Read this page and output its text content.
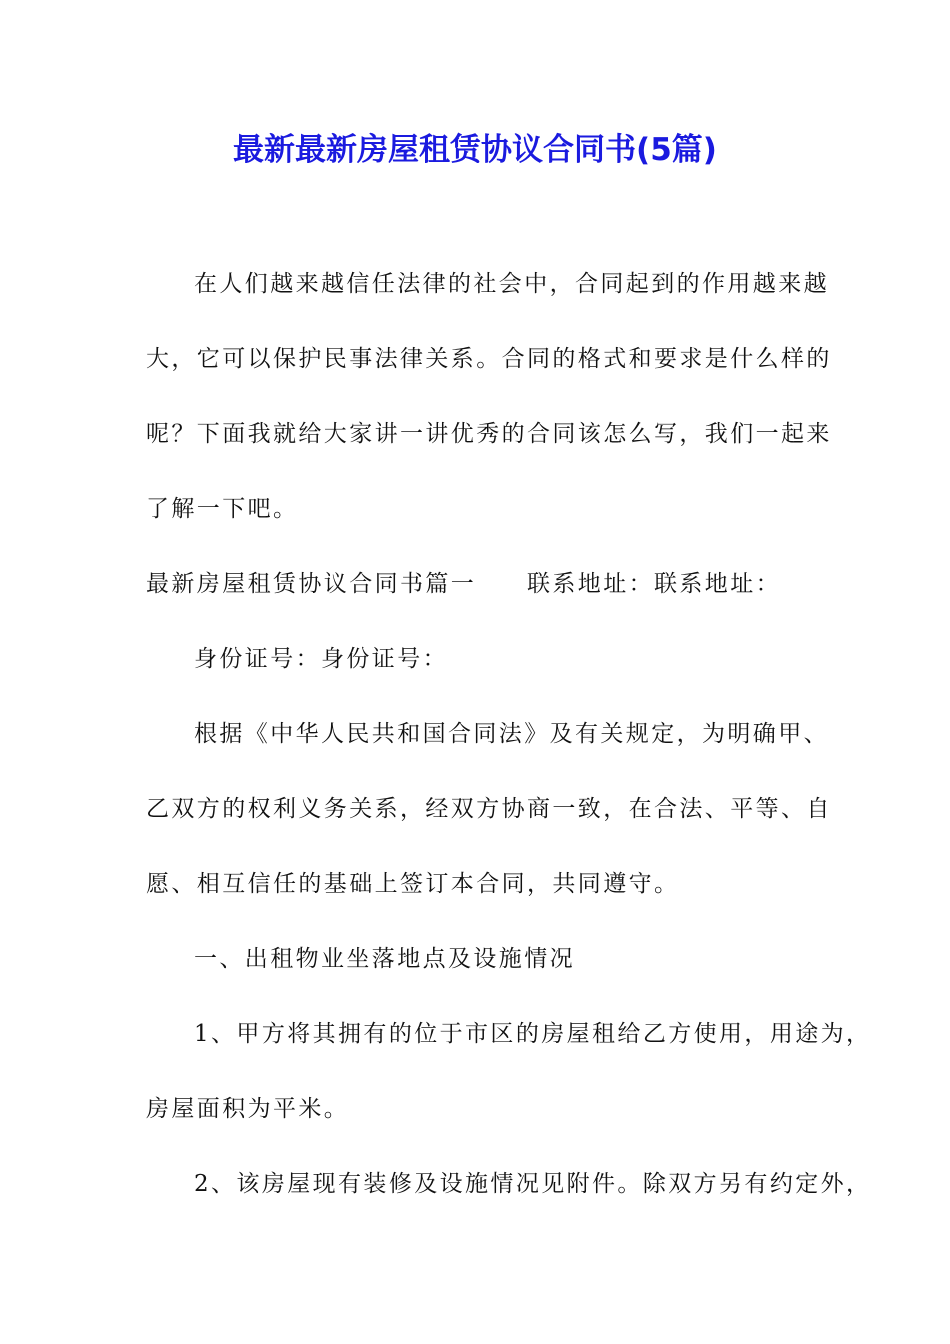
最新最新房屋租赁协议合同书(5篇)
在人们越来越信任法律的社会中，合同起到的作用越来越
大，它可以保护民事法律关系。合同的格式和要求是什么样的
呢？下面我就给大家讲一讲优秀的合同该怎么写，我们一起来
了解一下吧。
最新房屋租赁协议合同书篇一　　联系地址：联系地址：
身份证号：身份证号：
根据《中华人民共和国合同法》及有关规定，为明确甲、
乙双方的权利义务关系，经双方协商一致，在合法、平等、自
愿、相互信任的基础上签订本合同，共同遵守。
一、出租物业坐落地点及设施情况
1、甲方将其拥有的位于市区的房屋租给乙方使用，用途为，
房屋面积为平米。
2、该房屋现有装修及设施情况见附件。除双方另有约定外，
